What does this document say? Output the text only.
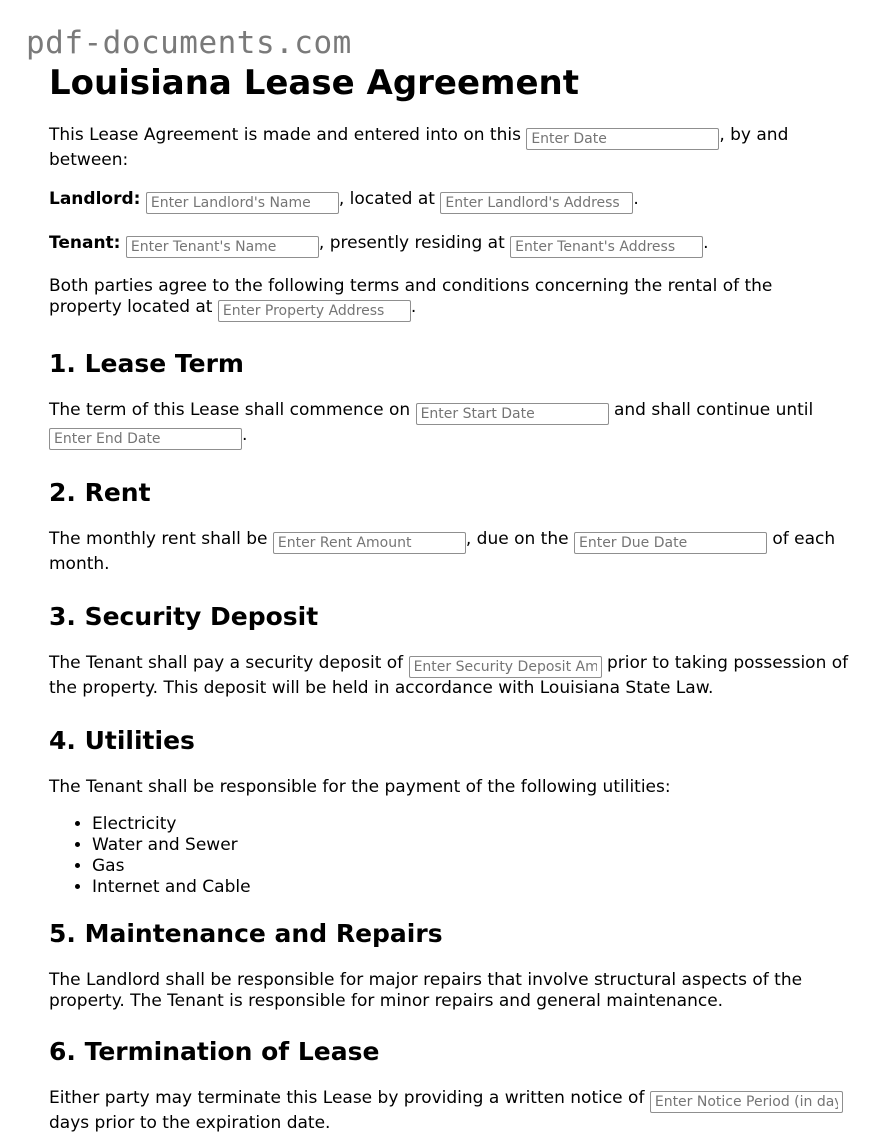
pdf-documents.com
Louisiana Lease Agreement

This Lease Agreement is made and entered into on this Enter Date	, by and between:

Landlord: Enter Landlord's Name	, located at Enter Landlord's Address	.

Tenant: Enter Tenant's Name	, presently residing at Enter Tenant's Address	.

Both parties agree to the following terms and conditions concerning the rental of the property located at Enter Property Address	.

1. Lease Term

The term of this Lease shall commence on Enter Start Date	and shall continue until Enter End Date.

2. Rent

The monthly rent shall be Enter Rent Amount	, due on the Enter Due Date	of each month.

3. Security Deposit

The Tenant shall pay a security deposit of Enter Security Deposit Amount	prior to taking possession of the property. This deposit will be held in accordance with Louisiana State Law.

4. Utilities

The Tenant shall be responsible for the payment of the following utilities:

• Electricity
• Water and Sewer
• Gas
• Internet and Cable
5. Maintenance and Repairs

The Landlord shall be responsible for major repairs that involve structural aspects of the property. The Tenant is responsible for minor repairs and general maintenance.

6. Termination of Lease

Either party may terminate this Lease by providing a written notice of Enter Notice Period (in days) days prior to the expiration date.
